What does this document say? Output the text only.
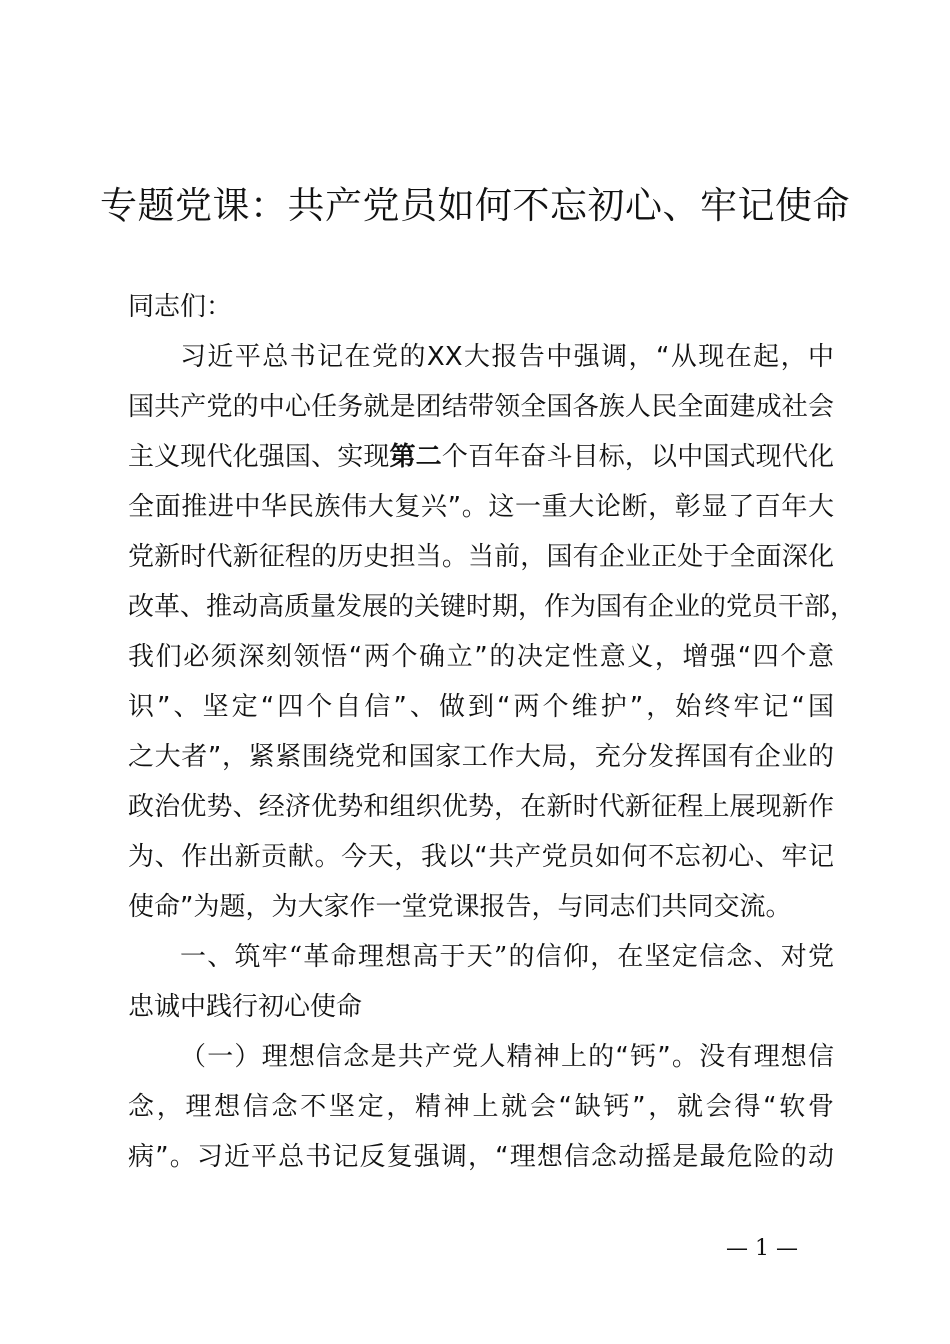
专题党课：共产党员如何不忘初心、牢记使命

同志们：

习近平总书记在党的XX大报告中强调，“从现在起，中
国共产党的中心任务就是团结带领全国各族人民全面建成社会
主义现代化强国、实现第二个百年奋斗目标，以中国式现代化
全面推进中华民族伟大复兴”。这一重大论断，彰显了百年大
党新时代新征程的历史担当。当前，国有企业正处于全面深化
改革、推动高质量发展的关键时期，作为国有企业的党员干部，
我们必须深刻领悟“两个确立”的决定性意义，增强“四个意
识”、坚定“四个自信”、做到“两个维护”，始终牢记“国
之大者”，紧紧围绕党和国家工作大局，充分发挥国有企业的
政治优势、经济优势和组织优势，在新时代新征程上展现新作
为、作出新贡献。今天，我以“共产党员如何不忘初心、牢记
使命”为题，为大家作一堂党课报告，与同志们共同交流。
一、筑牢“革命理想高于天”的信仰，在坚定信念、对党
忠诚中践行初心使命
（一）理想信念是共产党人精神上的“钙”。没有理想信
念，理想信念不坚定，精神上就会“缺钙”，就会得“软骨
病”。习近平总书记反复强调，“理想信念动摇是最危险的动
— 1 —
